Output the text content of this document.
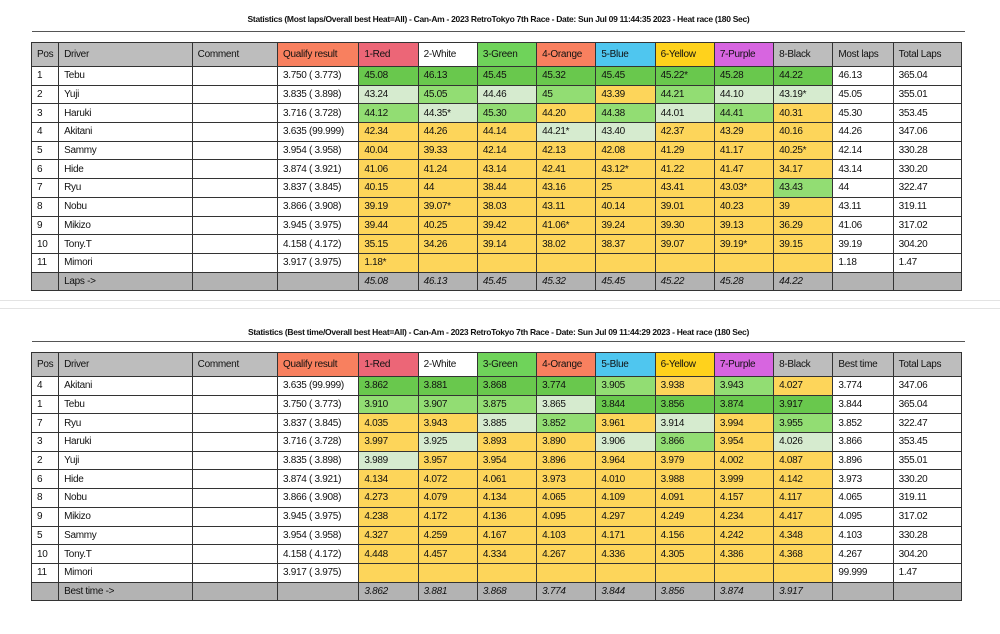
Statistics (Most laps/Overall best Heat=All) - Can-Am - 2023 RetroTokyo 7th Race - Date: Sun Jul 09 11:44:35 2023 - Heat race (180 Sec)
Pos	Driver	Comment	Qualify result	1-Red	2-White	3-Green	4-Orange	5-Blue	6-Yellow	7-Purple	8-Black	Most laps	Total Laps
1	Tebu		3.750 ( 3.773)	45.08	46.13	45.45	45.32	45.45	45.22*	45.28	44.22	46.13	365.04
2	Yuji		3.835 ( 3.898)	43.24	45.05	44.46	45	43.39	44.21	44.10	43.19*	45.05	355.01
3	Haruki		3.716 ( 3.728)	44.12	44.35*	45.30	44.20	44.38	44.01	44.41	40.31	45.30	353.45
4	Akitani		3.635 (99.999)	42.34	44.26	44.14	44.21*	43.40	42.37	43.29	40.16	44.26	347.06
5	Sammy		3.954 ( 3.958)	40.04	39.33	42.14	42.13	42.08	41.29	41.17	40.25*	42.14	330.28
6	Hide		3.874 ( 3.921)	41.06	41.24	43.14	42.41	43.12*	41.22	41.47	34.17	43.14	330.20
7	Ryu		3.837 ( 3.845)	40.15	44	38.44	43.16	25	43.41	43.03*	43.43	44	322.47
8	Nobu		3.866 ( 3.908)	39.19	39.07*	38.03	43.11	40.14	39.01	40.23	39	43.11	319.11
9	Mikizo		3.945 ( 3.975)	39.44	40.25	39.42	41.06*	39.24	39.30	39.13	36.29	41.06	317.02
10	Tony.T		4.158 ( 4.172)	35.15	34.26	39.14	38.02	38.37	39.07	39.19*	39.15	39.19	304.20
11	Mimori		3.917 ( 3.975)	1.18*								1.18	1.47
	Laps ->			45.08	46.13	45.45	45.32	45.45	45.22	45.28	44.22		
Statistics (Best time/Overall best Heat=All) - Can-Am - 2023 RetroTokyo 7th Race - Date: Sun Jul 09 11:44:29 2023 - Heat race (180 Sec)
Pos	Driver	Comment	Qualify result	1-Red	2-White	3-Green	4-Orange	5-Blue	6-Yellow	7-Purple	8-Black	Best time	Total Laps
4	Akitani		3.635 (99.999)	3.862	3.881	3.868	3.774	3.905	3.938	3.943	4.027	3.774	347.06
1	Tebu		3.750 ( 3.773)	3.910	3.907	3.875	3.865	3.844	3.856	3.874	3.917	3.844	365.04
7	Ryu		3.837 ( 3.845)	4.035	3.943	3.885	3.852	3.961	3.914	3.994	3.955	3.852	322.47
3	Haruki		3.716 ( 3.728)	3.997	3.925	3.893	3.890	3.906	3.866	3.954	4.026	3.866	353.45
2	Yuji		3.835 ( 3.898)	3.989	3.957	3.954	3.896	3.964	3.979	4.002	4.087	3.896	355.01
6	Hide		3.874 ( 3.921)	4.134	4.072	4.061	3.973	4.010	3.988	3.999	4.142	3.973	330.20
8	Nobu		3.866 ( 3.908)	4.273	4.079	4.134	4.065	4.109	4.091	4.157	4.117	4.065	319.11
9	Mikizo		3.945 ( 3.975)	4.238	4.172	4.136	4.095	4.297	4.249	4.234	4.417	4.095	317.02
5	Sammy		3.954 ( 3.958)	4.327	4.259	4.167	4.103	4.171	4.156	4.242	4.348	4.103	330.28
10	Tony.T		4.158 ( 4.172)	4.448	4.457	4.334	4.267	4.336	4.305	4.386	4.368	4.267	304.20
11	Mimori		3.917 ( 3.975)									99.999	1.47
	Best time ->			3.862	3.881	3.868	3.774	3.844	3.856	3.874	3.917		
